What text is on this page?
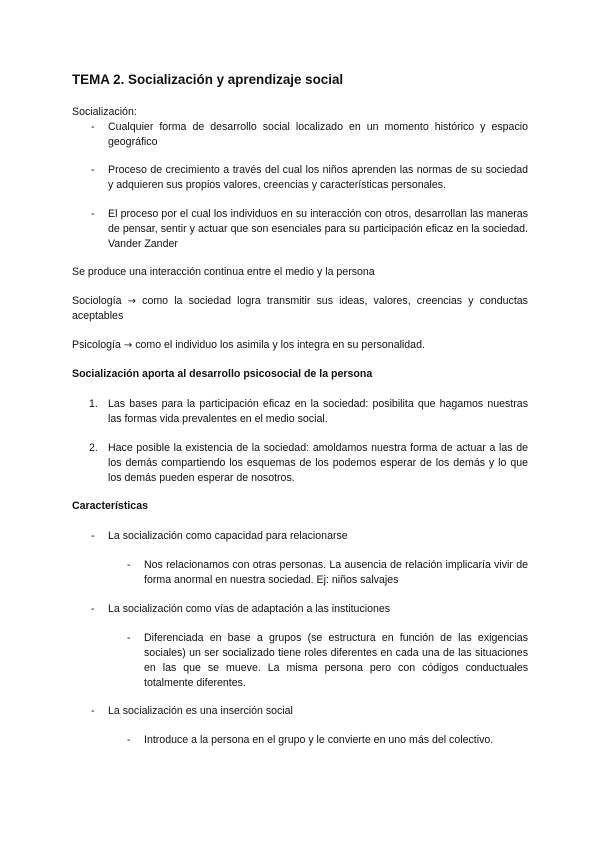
TEMA 2. Socialización y aprendizaje social
Socialización:
- Cualquier forma de desarrollo social localizado en un momento histórico y espacio geográfico
- Proceso de crecimiento a través del cual los niños aprenden las normas de su sociedad y adquieren sus propios valores, creencias y características personales.
- El proceso por el cual los individuos en su interacción con otros, desarrollan las maneras de pensar, sentir y actuar que son esenciales para su participación eficaz en la sociedad. Vander Zander
Se produce una interacción continua entre el medio y la persona
Sociología → como la sociedad logra transmitir sus ideas, valores, creencias y conductas aceptables
Psicología → como el individuo los asimila y los integra en su personalidad.
Socialización aporta al desarrollo psicosocial de la persona
1. Las bases para la participación eficaz en la sociedad: posibilita que hagamos nuestras las formas vida prevalentes en el medio social.
2. Hace posible la existencia de la sociedad: amoldamos nuestra forma de actuar a las de los demás compartiendo los esquemas de los podemos esperar de los demás y lo que los demás pueden esperar de nosotros.
Características
- La socialización como capacidad para relacionarse
- Nos relacionamos con otras personas. La ausencia de relación implicaría vivir de forma anormal en nuestra sociedad. Ej: niños salvajes
- La socialización como vías de adaptación a las instituciones
- Diferenciada en base a grupos (se estructura en función de las exigencias sociales) un ser socializado tiene roles diferentes en cada una de las situaciones en las que se mueve. La misma persona pero con códigos conductuales totalmente diferentes.
- La socialización es una inserción social
- Introduce a la persona en el grupo y le convierte en uno más del colectivo.
